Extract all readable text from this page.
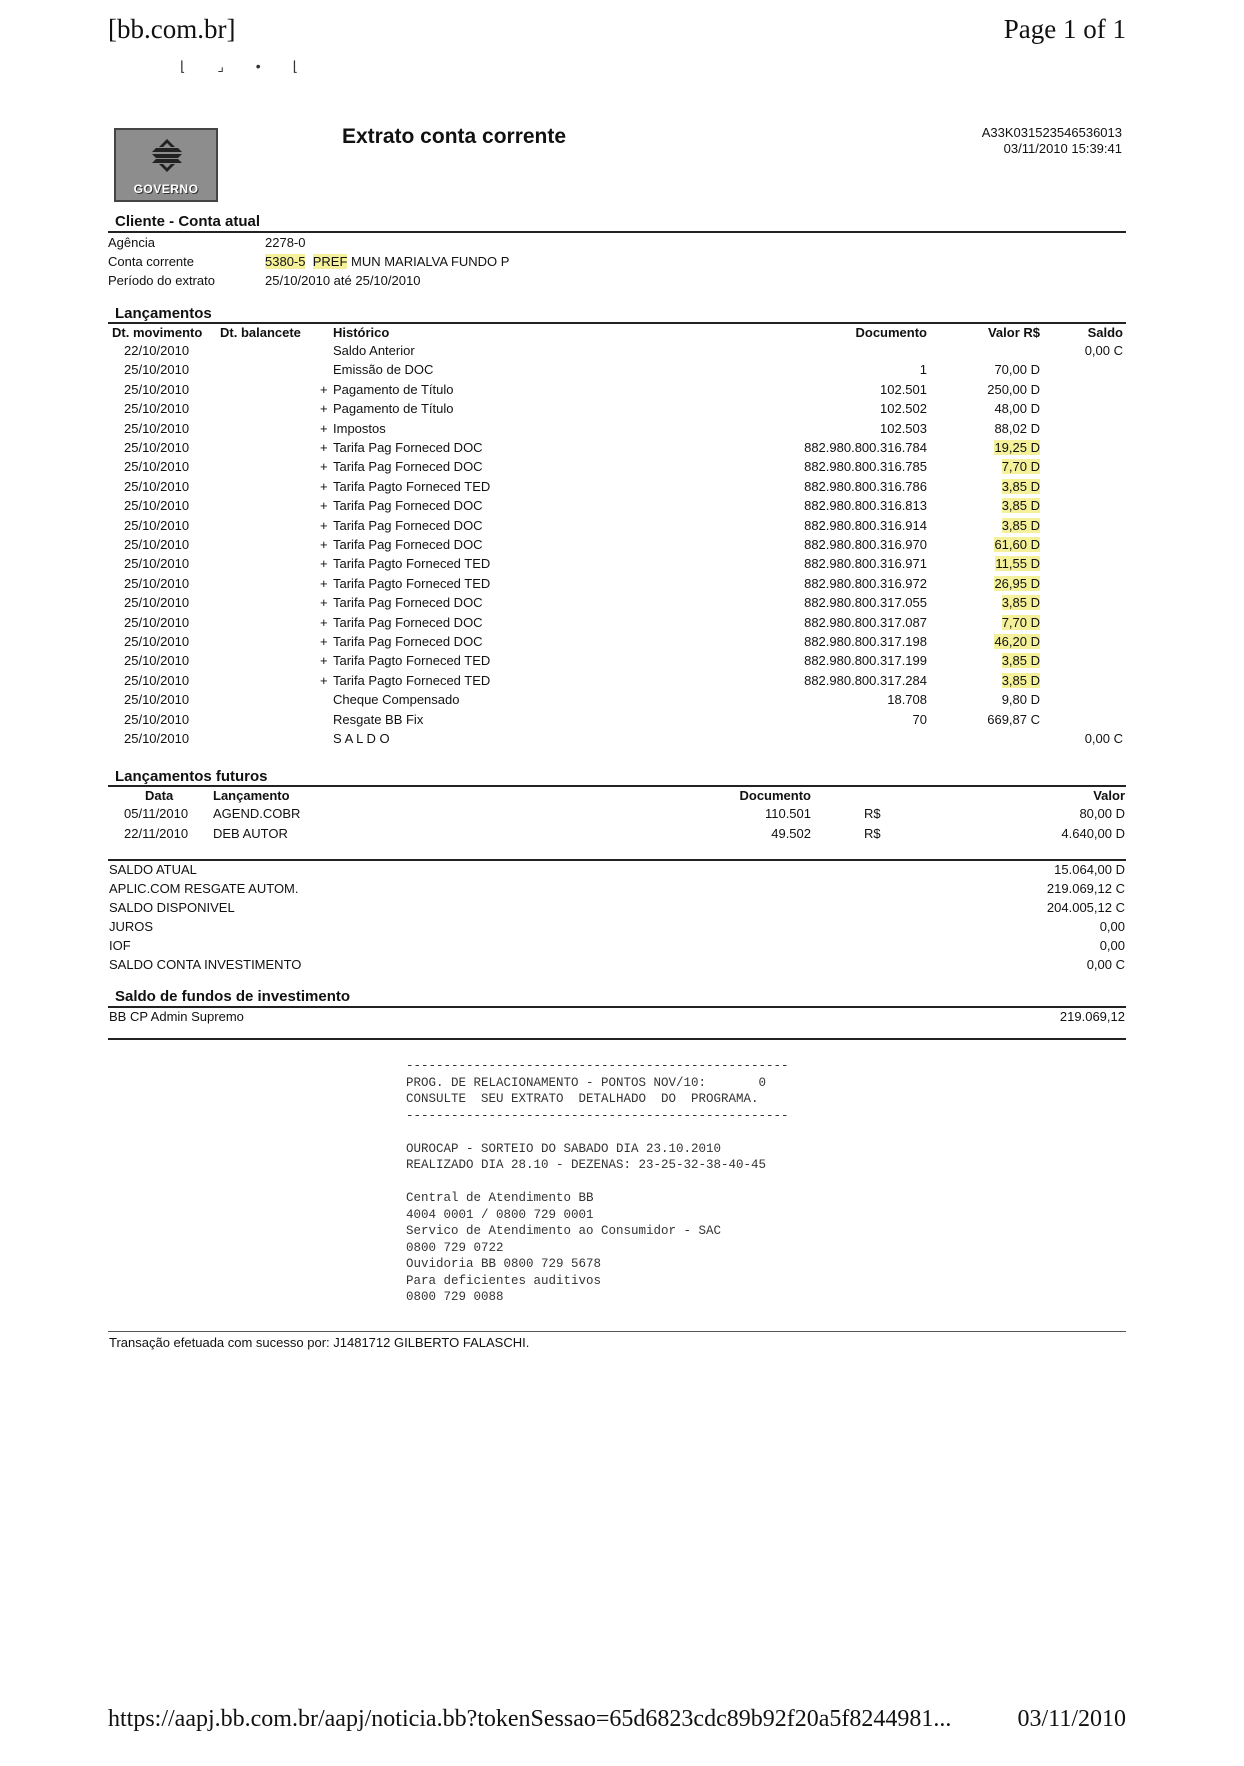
[bb.com.br]	Page 1 of 1
⌊ ⌟ • ⌊
GOVERNO
Extrato conta corrente	A33K031523546536013
03/11/2010 15:39:41
Cliente - Conta atual
Agência	2278-0
Conta corrente	5380-5 PREF MUN MARIALVA FUNDO P
Período do extrato	25/10/2010 até 25/10/2010
Lançamentos
Dt. movimento Dt. balancete Histórico	Documento	Valor R$	Saldo
22/10/2010	Saldo Anterior	0,00 C
25/10/2010	Emissão de DOC	1	70,00 D
25/10/2010	+ Pagamento de Título	102.501	250,00 D
25/10/2010	+ Pagamento de Título	102.502	48,00 D
25/10/2010	+ Impostos	102.503	88,02 D
25/10/2010	+ Tarifa Pag Forneced DOC	882.980.800.316.784	19,25 D
25/10/2010	+ Tarifa Pag Forneced DOC	882.980.800.316.785	7,70 D
25/10/2010	+ Tarifa Pagto Forneced TED	882.980.800.316.786	3,85 D
25/10/2010	+ Tarifa Pag Forneced DOC	882.980.800.316.813	3,85 D
25/10/2010	+ Tarifa Pag Forneced DOC	882.980.800.316.914	3,85 D
25/10/2010	+ Tarifa Pag Forneced DOC	882.980.800.316.970	61,60 D
25/10/2010	+ Tarifa Pagto Forneced TED	882.980.800.316.971	11,55 D
25/10/2010	+ Tarifa Pagto Forneced TED	882.980.800.316.972	26,95 D
25/10/2010	+ Tarifa Pag Forneced DOC	882.980.800.317.055	3,85 D
25/10/2010	+ Tarifa Pag Forneced DOC	882.980.800.317.087	7,70 D
25/10/2010	+ Tarifa Pag Forneced DOC	882.980.800.317.198	46,20 D
25/10/2010	+ Tarifa Pagto Forneced TED	882.980.800.317.199	3,85 D
25/10/2010	+ Tarifa Pagto Forneced TED	882.980.800.317.284	3,85 D
25/10/2010	Cheque Compensado	18.708	9,80 D
25/10/2010	Resgate BB Fix	70	669,87 C
25/10/2010	S A L D O	0,00 C
Lançamentos futuros
Data	Lançamento	Documento	Valor
05/11/2010 AGEND.COBR	110.501	R$	80,00 D
22/11/2010 DEB AUTOR	49.502	R$	4.640,00 D
SALDO ATUAL	15.064,00 D
APLIC.COM RESGATE AUTOM.	219.069,12 C
SALDO DISPONIVEL	204.005,12 C
JUROS	0,00
IOF	0,00
SALDO CONTA INVESTIMENTO	0,00 C
Saldo de fundos de investimento
BB CP Admin Supremo	219.069,12
---------------------------------------------------
PROG. DE RELACIONAMENTO - PONTOS NOV/10:       0
CONSULTE  SEU EXTRATO  DETALHADO  DO  PROGRAMA.
---------------------------------------------------

OUROCAP - SORTEIO DO SABADO DIA 23.10.2010
REALIZADO DIA 28.10 - DEZENAS: 23-25-32-38-40-45

Central de Atendimento BB
4004 0001 / 0800 729 0001
Servico de Atendimento ao Consumidor - SAC
0800 729 0722
Ouvidoria BB 0800 729 5678
Para deficientes auditivos
0800 729 0088
Transação efetuada com sucesso por: J1481712 GILBERTO FALASCHI.
https://aapj.bb.com.br/aapj/noticia.bb?tokenSessao=65d6823cdc89b92f20a5f8244981...	03/11/2010
